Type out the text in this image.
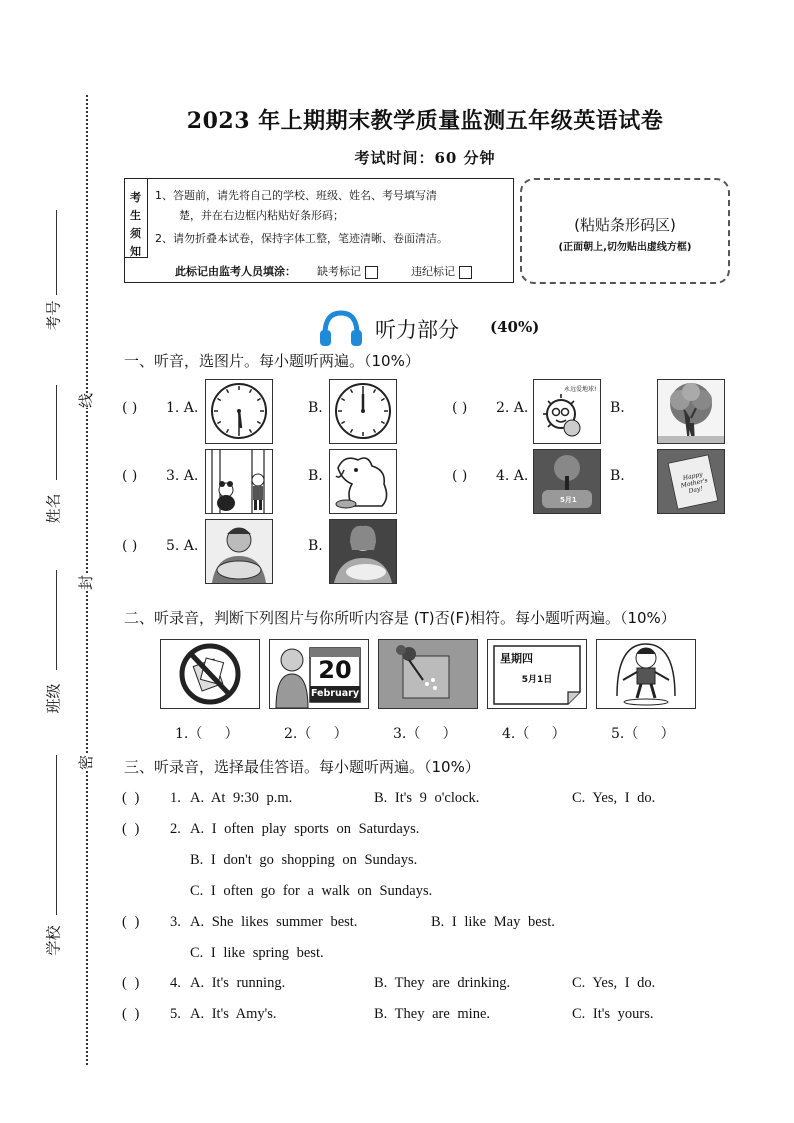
考号
姓名
班级
学校
线
封
密
2023 年上期期末教学质量监测五年级英语试卷
考试时间：60 分钟
考
生
须
知
1、答题前，请先将自己的学校、班级、姓名、考号填写清
楚，并在右边框内粘贴好条形码；
2、请勿折叠本试卷，保持字体工整，笔迹清晰、卷面清洁。
此标记由监考人员填涂： 缺考标记	违纪标记
(粘贴条形码区)
(正面朝上,切勿贴出虚线方框)
听力部分 (40%)
一、听音，选图片。每小题听两遍。（10%）
( ) 1. A.	B.	( ) 2. A.
永远爱地球!
B.
( ) 3. A.	B.	( ) 4. A.
5月1
B.	Happy Mother's Day!
( ) 5. A.	B.
二、听录音，判断下列图片与你所听内容是 (T)否(F)相符。每小题听两遍。（10%）
20
February
星期四
5月1日
1.（     ）	2.（     ）	3.（     ）	4.（     ）	5.（     ）
三、听录音，选择最佳答语。每小题听两遍。（10%）
( ) 1. A. At 9:30 p.m.	B. It's 9 o'clock.	C. Yes, I do.
( ) 2. A. I often play sports on Saturdays.
B. I don't go shopping on Sundays.
C. I often go for a walk on Sundays.
( ) 3. A. She likes summer best.	B. I like May best.
C. I like spring best.
( ) 4. A. It's running.	B. They are drinking.	C. Yes, I do.
( ) 5. A. It's Amy's.	B. They are mine.	C. It's yours.
